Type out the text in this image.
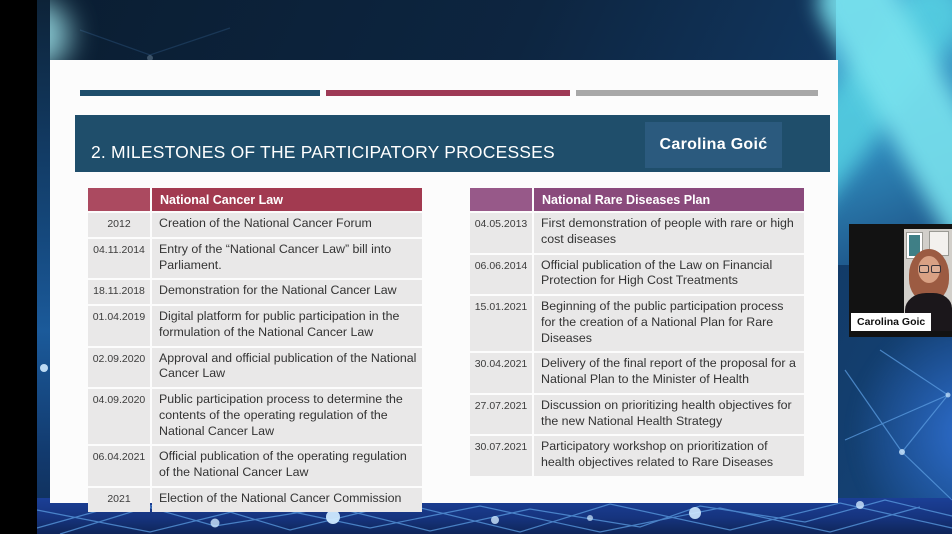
2. MILESTONES OF THE PARTICIPATORY PROCESSES	Carolina Goić
National Cancer Law
2012	Creation of the National Cancer Forum
04.11.2014	Entry of the “National Cancer Law” bill into Parliament.
18.11.2018	Demonstration for the National Cancer Law
01.04.2019	Digital platform for public participation in the formulation of the National Cancer Law
02.09.2020	Approval and official publication of the National Cancer Law
04.09.2020	Public participation process to determine the contents of the operating regulation of the National Cancer Law
06.04.2021	Official publication of the operating regulation of the National Cancer Law
2021	Election of the National Cancer Commission
National Rare Diseases Plan
04.05.2013	First demonstration of people with rare or high cost diseases
06.06.2014	Official publication of the Law on Financial Protection for High Cost Treatments
15.01.2021	Beginning of the public participation process for the creation of a National Plan for Rare Diseases
30.04.2021	Delivery of the final report of the proposal for a National Plan to the Minister of Health
27.07.2021	Discussion on prioritizing health objectives for the new National Health Strategy
30.07.2021	Participatory workshop on prioritization of health objectives related to Rare Diseases
Carolina Goic
